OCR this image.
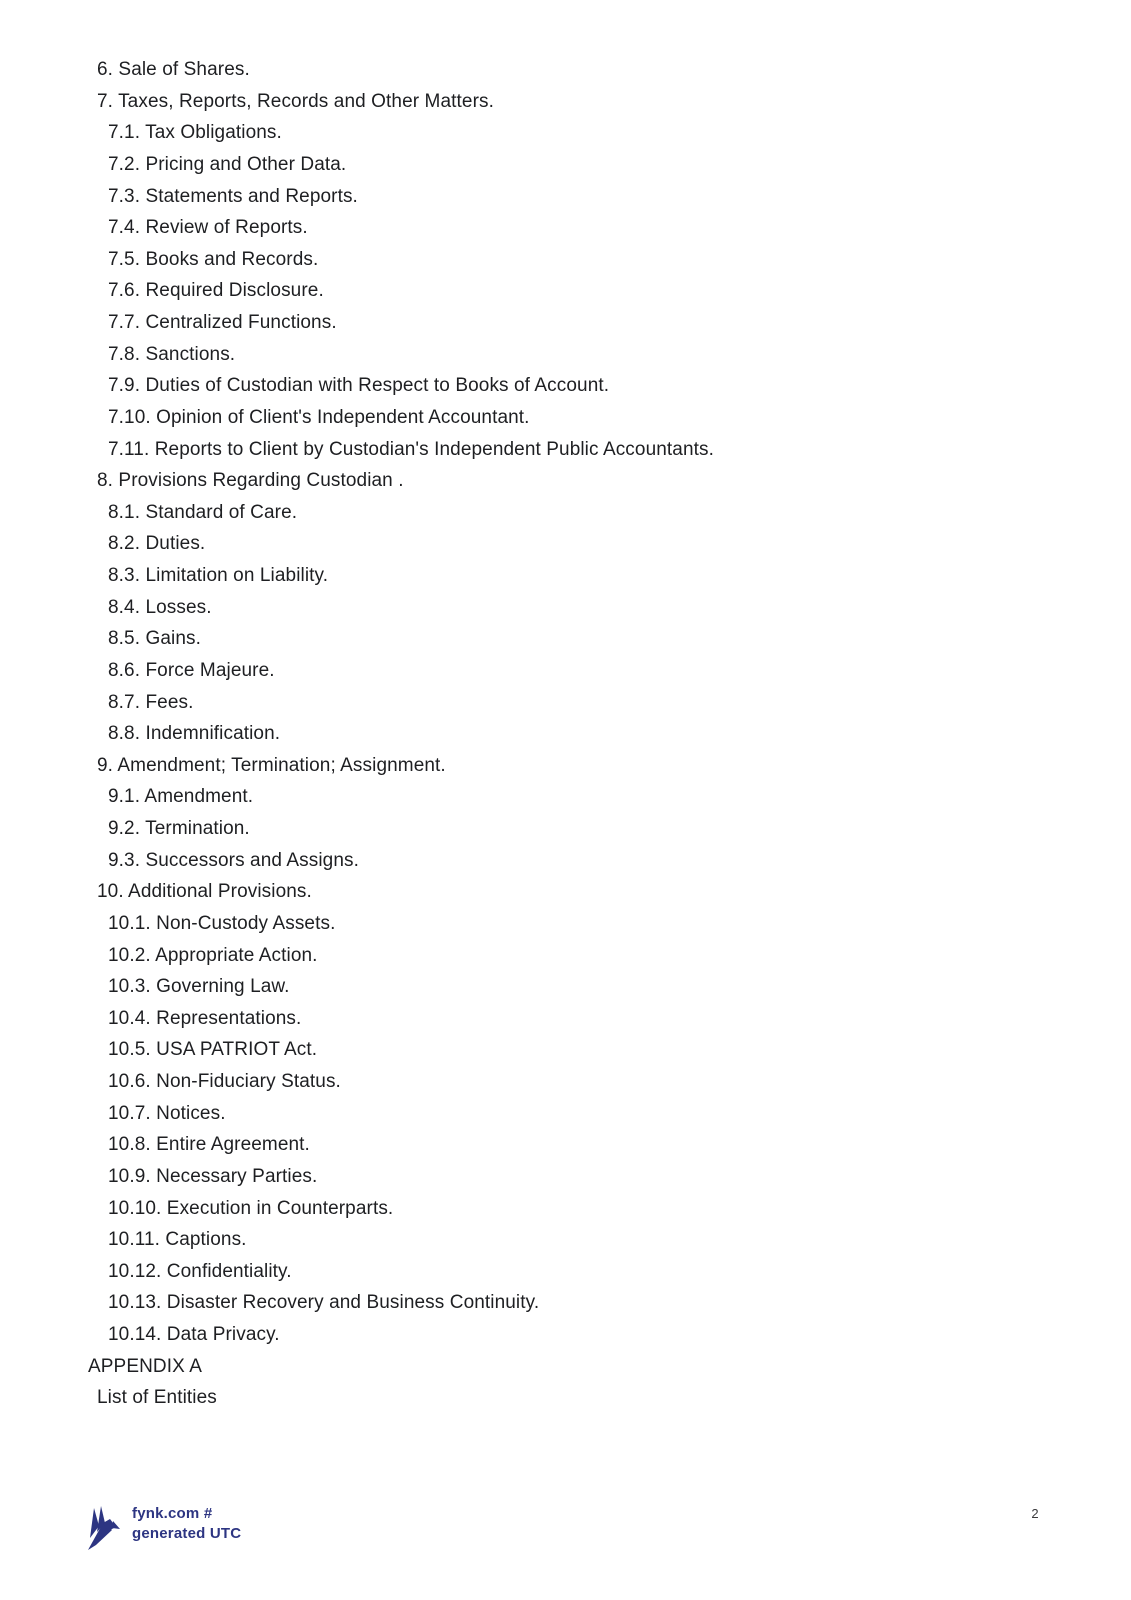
6. Sale of Shares.
7. Taxes, Reports, Records and Other Matters.
7.1. Tax Obligations.
7.2. Pricing and Other Data.
7.3. Statements and Reports.
7.4. Review of Reports.
7.5. Books and Records.
7.6. Required Disclosure.
7.7. Centralized Functions.
7.8. Sanctions.
7.9. Duties of Custodian with Respect to Books of Account.
7.10. Opinion of Client's Independent Accountant.
7.11. Reports to Client by Custodian's Independent Public Accountants.
8. Provisions Regarding Custodian .
8.1. Standard of Care.
8.2. Duties.
8.3. Limitation on Liability.
8.4. Losses.
8.5. Gains.
8.6. Force Majeure.
8.7. Fees.
8.8. Indemnification.
9. Amendment; Termination; Assignment.
9.1. Amendment.
9.2. Termination.
9.3. Successors and Assigns.
10. Additional Provisions.
10.1. Non-Custody Assets.
10.2. Appropriate Action.
10.3. Governing Law.
10.4. Representations.
10.5. USA PATRIOT Act.
10.6. Non-Fiduciary Status.
10.7. Notices.
10.8. Entire Agreement.
10.9. Necessary Parties.
10.10. Execution in Counterparts.
10.11. Captions.
10.12. Confidentiality.
10.13. Disaster Recovery and Business Continuity.
10.14. Data Privacy.
APPENDIX A
List of Entities
fynk.com #
generated UTC
2
